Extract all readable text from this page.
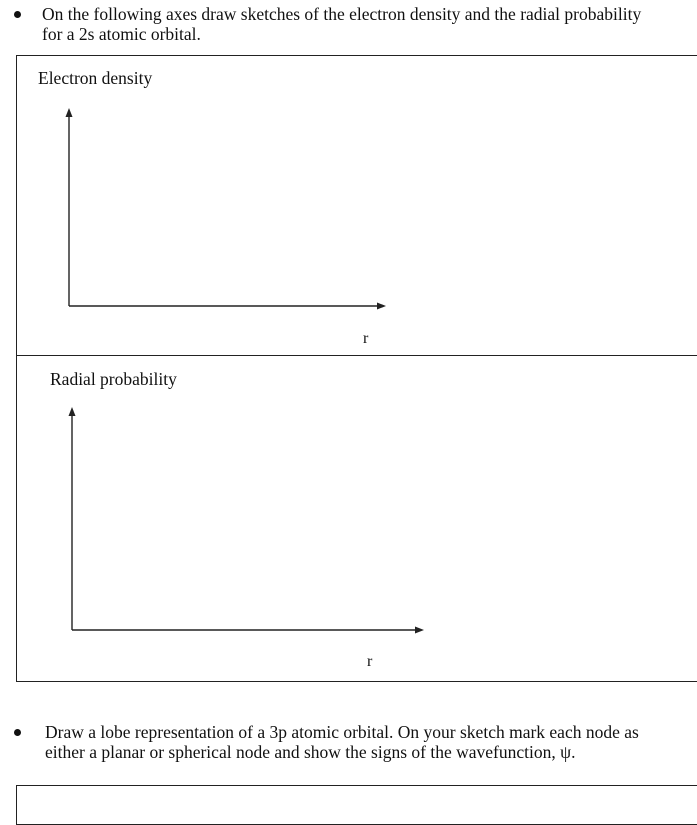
On the following axes draw sketches of the electron density and the radial probability
for a 2s atomic orbital.
Electron density
r
Radial probability
r
Draw a lobe representation of a 3p atomic orbital. On your sketch mark each node as
either a planar or spherical node and show the signs of the wavefunction, ψ.
